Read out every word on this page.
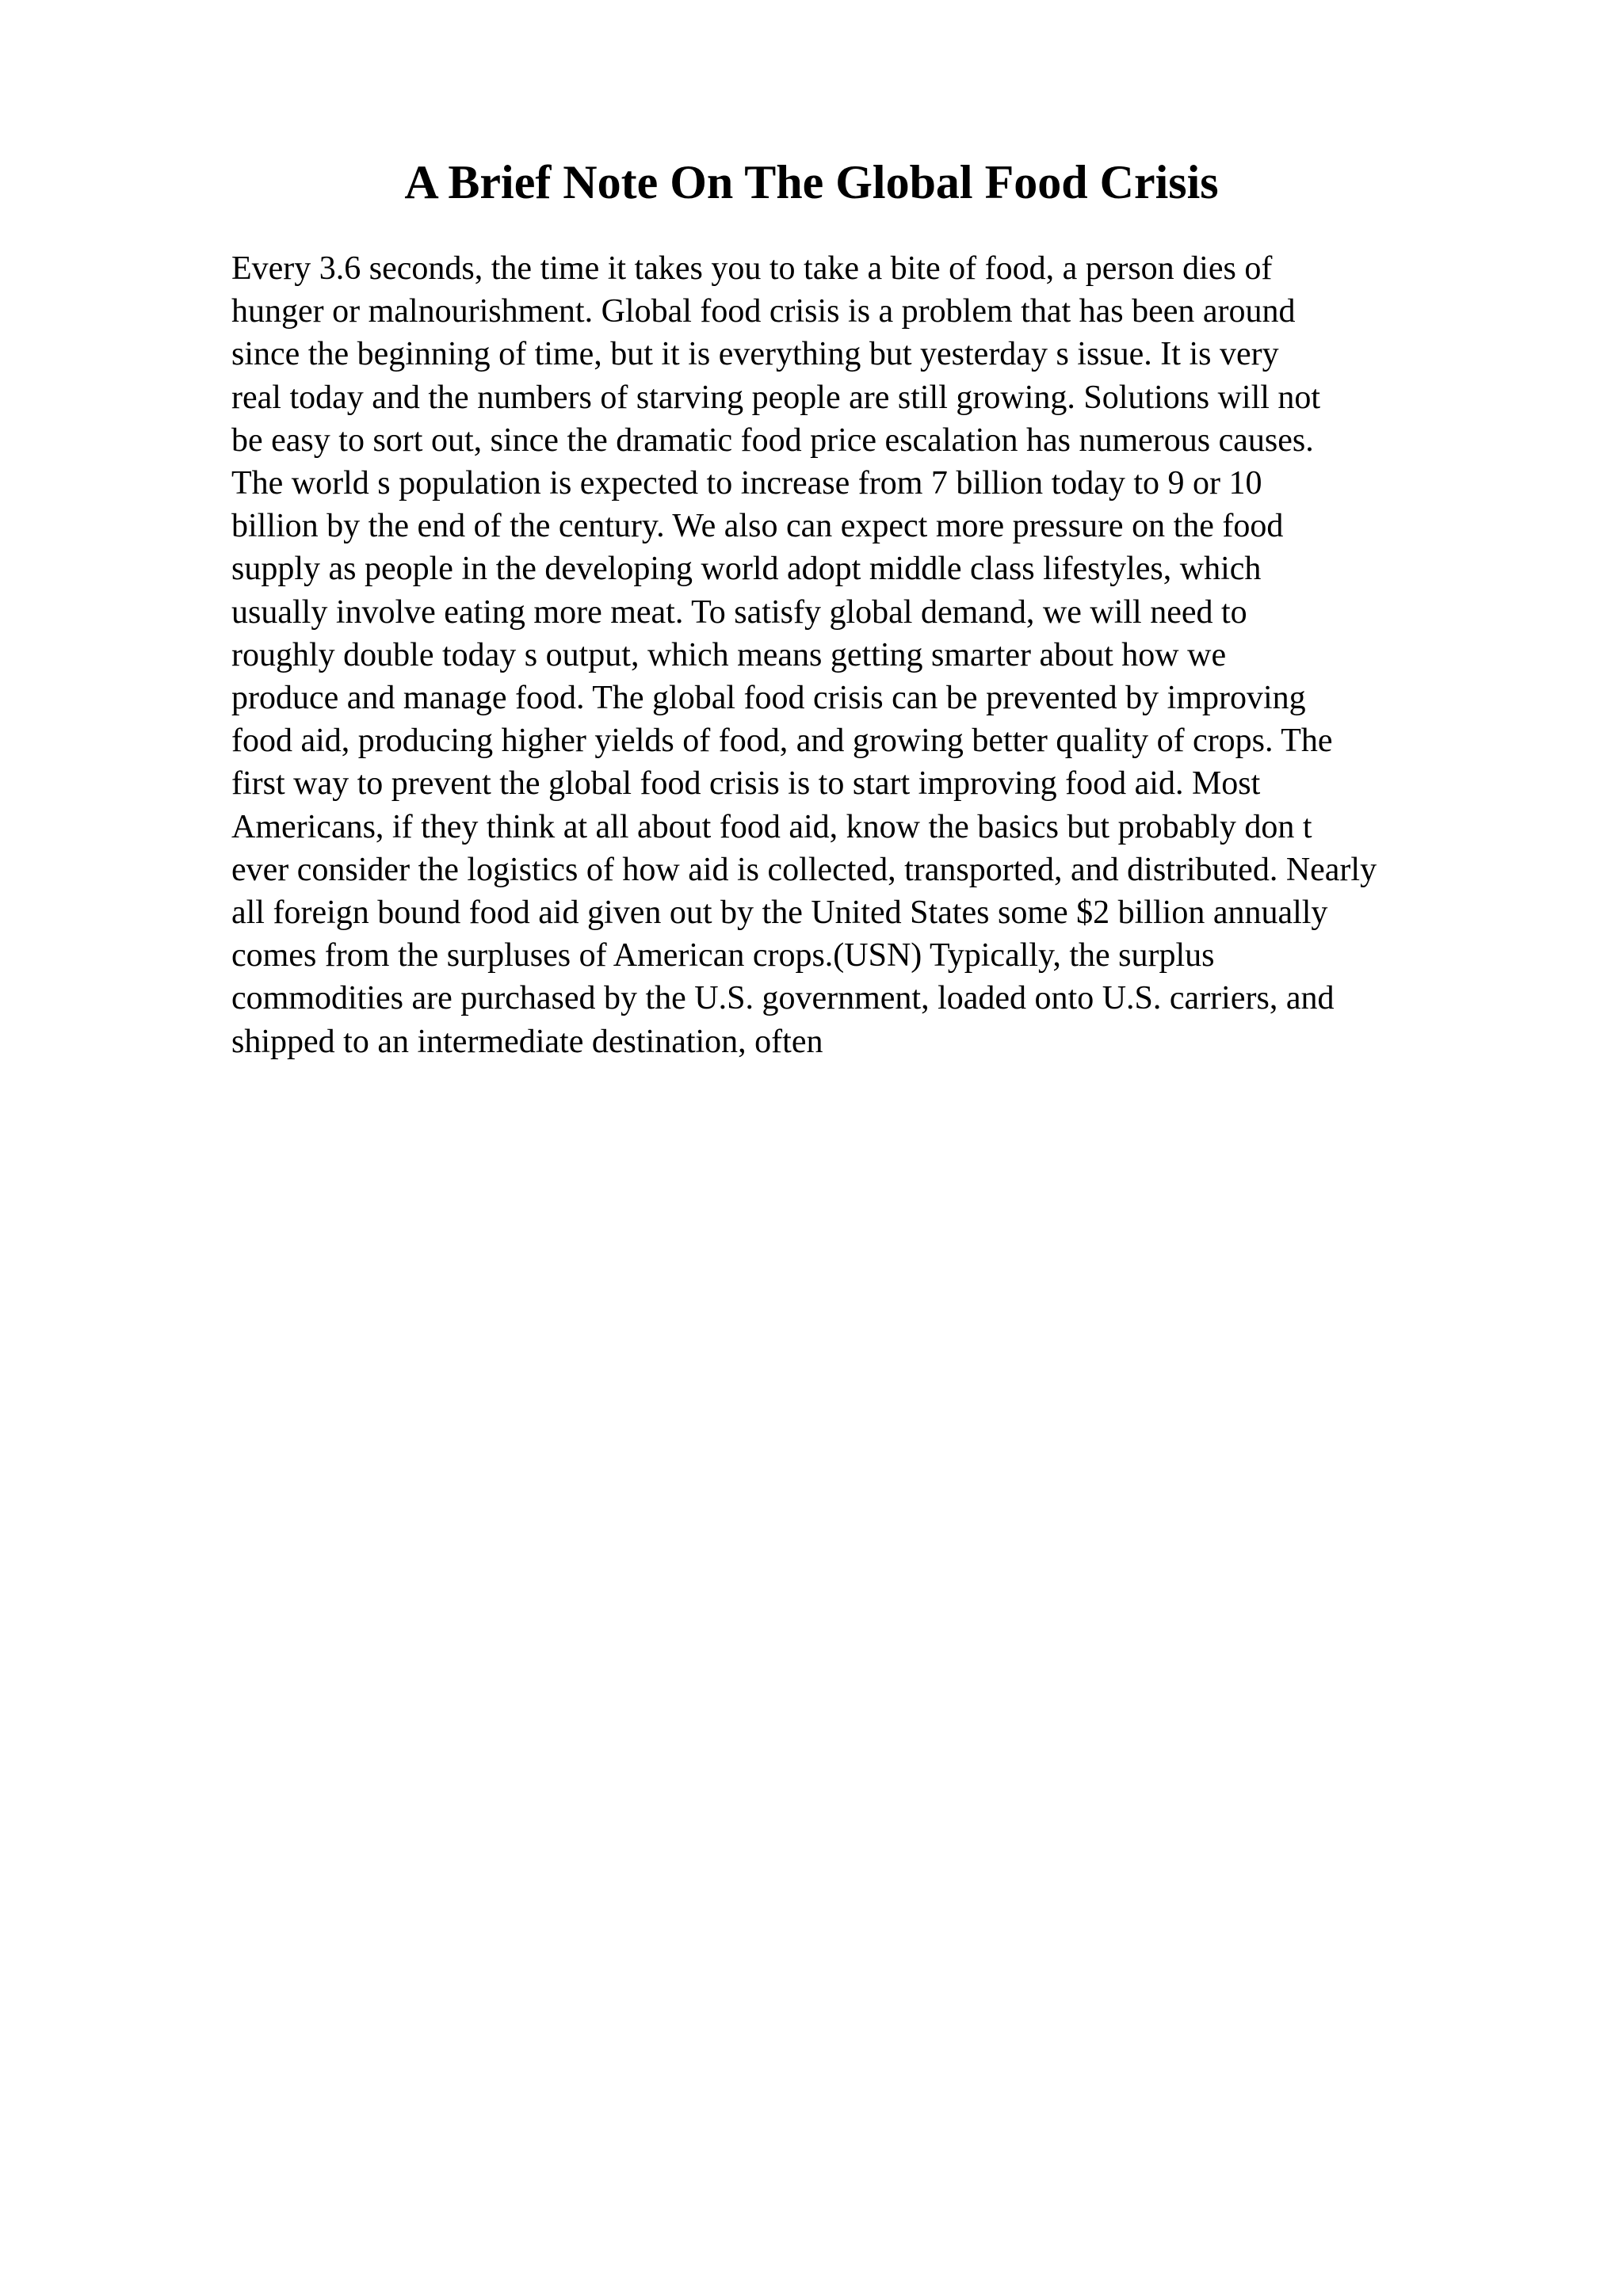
A Brief Note On The Global Food Crisis
Every 3.6 seconds, the time it takes you to take a bite of food, a person dies of
hunger or malnourishment. Global food crisis is a problem that has been around
since the beginning of time, but it is everything but yesterday s issue. It is very
real today and the numbers of starving people are still growing. Solutions will not
be easy to sort out, since the dramatic food price escalation has numerous causes.
The world s population is expected to increase from 7 billion today to 9 or 10
billion by the end of the century. We also can expect more pressure on the food
supply as people in the developing world adopt middle class lifestyles, which
usually involve eating more meat. To satisfy global demand, we will need to
roughly double today s output, which means getting smarter about how we
produce and manage food. The global food crisis can be prevented by improving
food aid, producing higher yields of food, and growing better quality of crops. The
first way to prevent the global food crisis is to start improving food aid. Most
Americans, if they think at all about food aid, know the basics but probably don t
ever consider the logistics of how aid is collected, transported, and distributed. Nearly
all foreign bound food aid given out by the United States some $2 billion annually
comes from the surpluses of American crops.(USN) Typically, the surplus
commodities are purchased by the U.S. government, loaded onto U.S. carriers, and
shipped to an intermediate destination, often
